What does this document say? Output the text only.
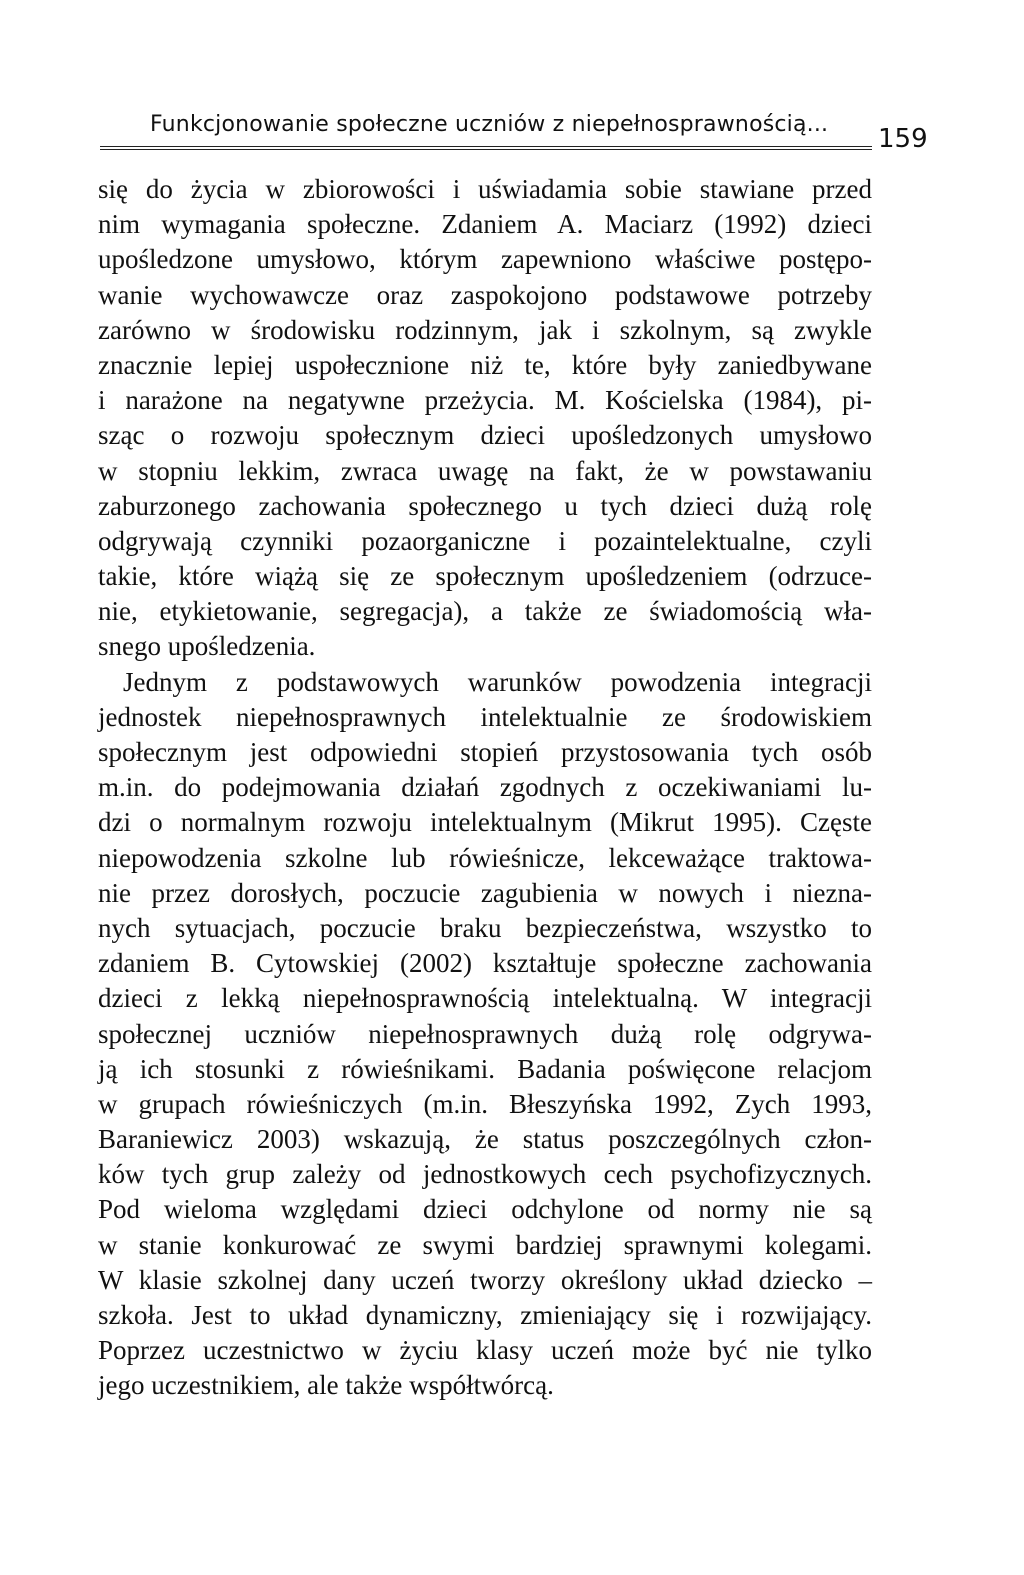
Funkcjonowanie społeczne uczniów z niepełnosprawnością... 159
się do życia w zbiorowości i uświadamia sobie stawiane przed
nim wymagania społeczne. Zdaniem A. Maciarz (1992) dzieci
upośledzone umysłowo, którym zapewniono właściwe postępo-
wanie wychowawcze oraz zaspokojono podstawowe potrzeby
zarówno w środowisku rodzinnym, jak i szkolnym, są zwykle
znacznie lepiej uspołecznione niż te, które były zaniedbywane
i narażone na negatywne przeżycia. M. Kościelska (1984), pi-
sząc o rozwoju społecznym dzieci upośledzonych umysłowo
w stopniu lekkim, zwraca uwagę na fakt, że w powstawaniu
zaburzonego zachowania społecznego u tych dzieci dużą rolę
odgrywają czynniki pozaorganiczne i pozaintelektualne, czyli
takie, które wiążą się ze społecznym upośledzeniem (odrzuce-
nie, etykietowanie, segregacja), a także ze świadomością wła-
snego upośledzenia.
Jednym z podstawowych warunków powodzenia integracji
jednostek niepełnosprawnych intelektualnie ze środowiskiem
społecznym jest odpowiedni stopień przystosowania tych osób
m.in. do podejmowania działań zgodnych z oczekiwaniami lu-
dzi o normalnym rozwoju intelektualnym (Mikrut 1995). Częste
niepowodzenia szkolne lub rówieśnicze, lekceważące traktowa-
nie przez dorosłych, poczucie zagubienia w nowych i niezna-
nych sytuacjach, poczucie braku bezpieczeństwa, wszystko to
zdaniem B. Cytowskiej (2002) kształtuje społeczne zachowania
dzieci z lekką niepełnosprawnością intelektualną. W integracji
społecznej uczniów niepełnosprawnych dużą rolę odgrywa-
ją ich stosunki z rówieśnikami. Badania poświęcone relacjom
w grupach rówieśniczych (m.in. Błeszyńska 1992, Zych 1993,
Baraniewicz 2003) wskazują, że status poszczególnych człon-
ków tych grup zależy od jednostkowych cech psychofizycznych.
Pod wieloma względami dzieci odchylone od normy nie są
w stanie konkurować ze swymi bardziej sprawnymi kolegami.
W klasie szkolnej dany uczeń tworzy określony układ dziecko –
szkoła. Jest to układ dynamiczny, zmieniający się i rozwijający.
Poprzez uczestnictwo w życiu klasy uczeń może być nie tylko
jego uczestnikiem, ale także współtwórcą.
